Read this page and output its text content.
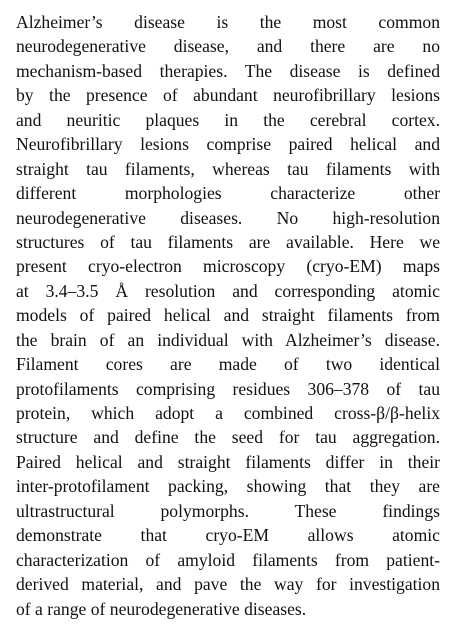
Alzheimer’s disease is the most common
neurodegenerative disease, and there are no
mechanism-based therapies. The disease is defined
by the presence of abundant neurofibrillary lesions
and neuritic plaques in the cerebral cortex.
Neurofibrillary lesions comprise paired helical and
straight tau filaments, whereas tau filaments with
different morphologies characterize other
neurodegenerative diseases. No high-resolution
structures of tau filaments are available. Here we
present cryo-electron microscopy (cryo-EM) maps
at 3.4–3.5 Å resolution and corresponding atomic
models of paired helical and straight filaments from
the brain of an individual with Alzheimer’s disease.
Filament cores are made of two identical
protofilaments comprising residues 306–378 of tau
protein, which adopt a combined cross-β/β-helix
structure and define the seed for tau aggregation.
Paired helical and straight filaments differ in their
inter-protofilament packing, showing that they are
ultrastructural polymorphs. These findings
demonstrate that cryo-EM allows atomic
characterization of amyloid filaments from patient-
derived material, and pave the way for investigation
of a range of neurodegenerative diseases.
